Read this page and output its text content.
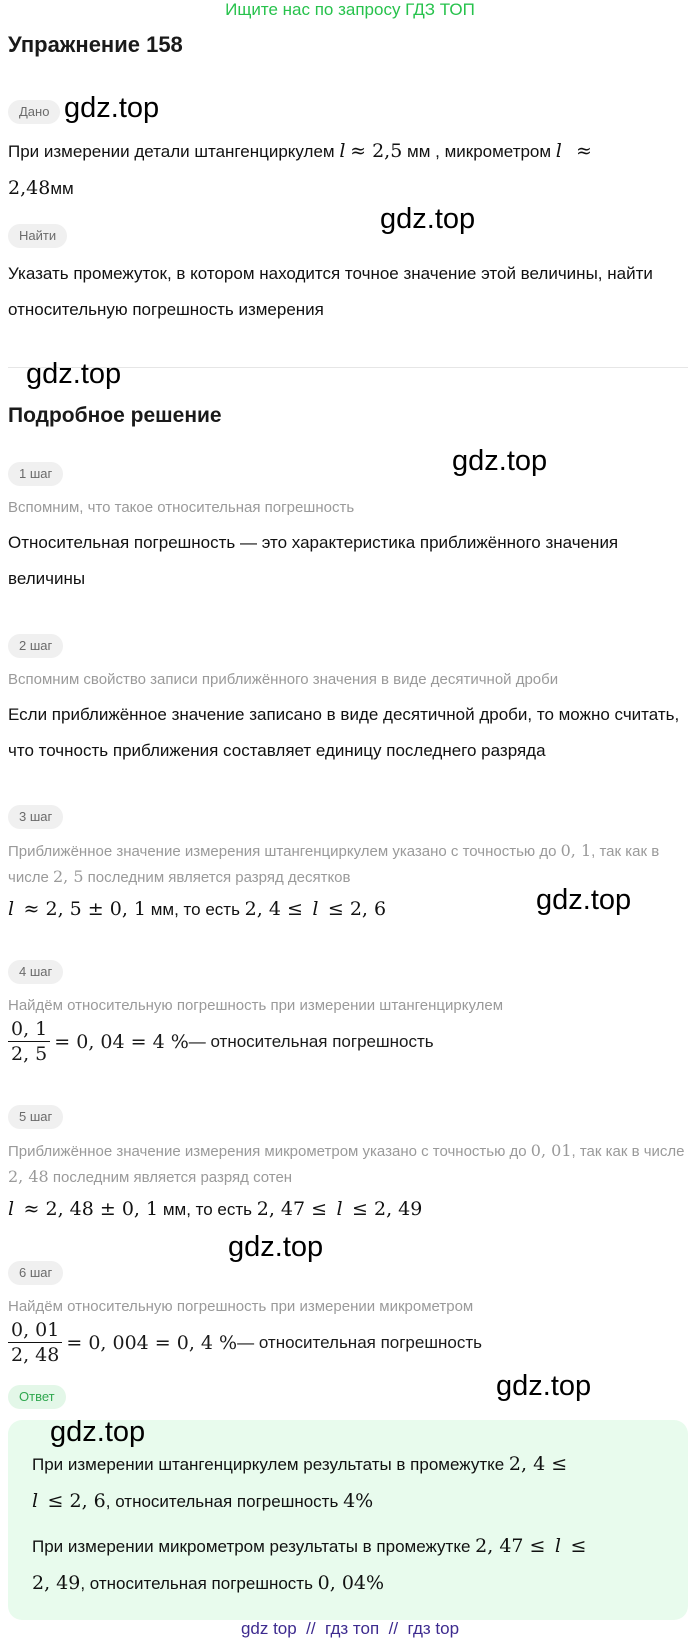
Ищите нас по запросу ГДЗ ТОП
Упражнение 158
Дано
При измерении детали штангенциркулем l ≈ 2,5 мм , микрометром l ≈
2,48мм
Найти
Указать промежуток, в котором находится точное значение этой величины, найти относительную погрешность измерения
Подробное решение
1 шаг
Вспомним, что такое относительная погрешность
Относительная погрешность — это характеристика приближённого значения величины
2 шаг
Вспомним свойство записи приближённого значения в виде десятичной дроби
Если приближённое значение записано в виде десятичной дроби, то можно считать, что точность приближения составляет единицу последнего разряда
3 шаг
Приближённое значение измерения штангенциркулем указано с точностью до 0, 1, так как в числе 2, 5 последним является разряд десятков
l ≈ 2, 5 ± 0, 1 мм, то есть 2, 4 ≤ l ≤ 2, 6
4 шаг
Найдём относительную погрешность при измерении штангенциркулем
$\frac{0, 1}{2, 5} = 0$, 04 = 4 % — относительная погрешность
5 шаг
Приближённое значение измерения микрометром указано с точностью до 0, 01, так как в числе 2, 48 последним является разряд сотен
l ≈ 2, 48 ± 0, 1 мм, то есть 2, 47 ≤ l ≤ 2, 49
6 шаг
Найдём относительную погрешность при измерении микрометром
$\frac{0, 01}{2, 48} = 0$, 004 = 0, 4 % — относительная погрешность
Ответ
При измерении штангенциркулем результаты в промежутке 2, 4 ≤
l ≤ 2, 6, относительная погрешность 4%
При измерении микрометром результаты в промежутке 2, 47 ≤ l ≤
2, 49, относительная погрешность 0, 04%
gdz.top
gdz.top
gdz.top
gdz.top
gdz.top
gdz.top
gdz.top
gdz.top
gdz top  //  гдз топ  //  гдз top
